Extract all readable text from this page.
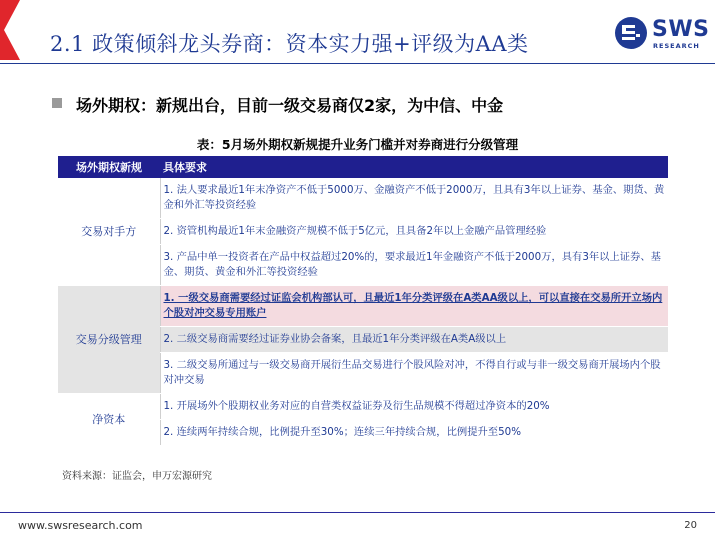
2.1 政策倾斜龙头券商：资本实力强+评级为AA类
SWS
RESEARCH
场外期权：新规出台，目前一级交易商仅2家，为中信、中金
表：5月场外期权新规提升业务门槛并对券商进行分级管理
场外期权新规	具体要求
交易对手方	1. 法人要求最近1年末净资产不低于5000万、金融资产不低于2000万，且具有3年以上证券、基金、期货、黄金和外汇等投资经验
	2. 资管机构最近1年末金融资产规模不低于5亿元，且具备2年以上金融产品管理经验
	3. 产品中单一投资者在产品中权益超过20%的，要求最近1年金融资产不低于2000万，具有3年以上证券、基金、期货、黄金和外汇等投资经验
交易分级管理	1. 一级交易商需要经过证监会机构部认可，且最近1年分类评级在A类AA级以上，可以直接在交易所开立场内个股对冲交易专用账户
	2. 二级交易商需要经过证券业协会备案，且最近1年分类评级在A类A级以上
	3. 二级交易所通过与一级交易商开展衍生品交易进行个股风险对冲，不得自行或与非一级交易商开展场内个股对冲交易
净资本	1. 开展场外个股期权业务对应的自营类权益证券及衍生品规模不得超过净资本的20%
	2. 连续两年持续合规，比例提升至30%；连续三年持续合规，比例提升至50%
资料来源：证监会，申万宏源研究
www.swsresearch.com	20
